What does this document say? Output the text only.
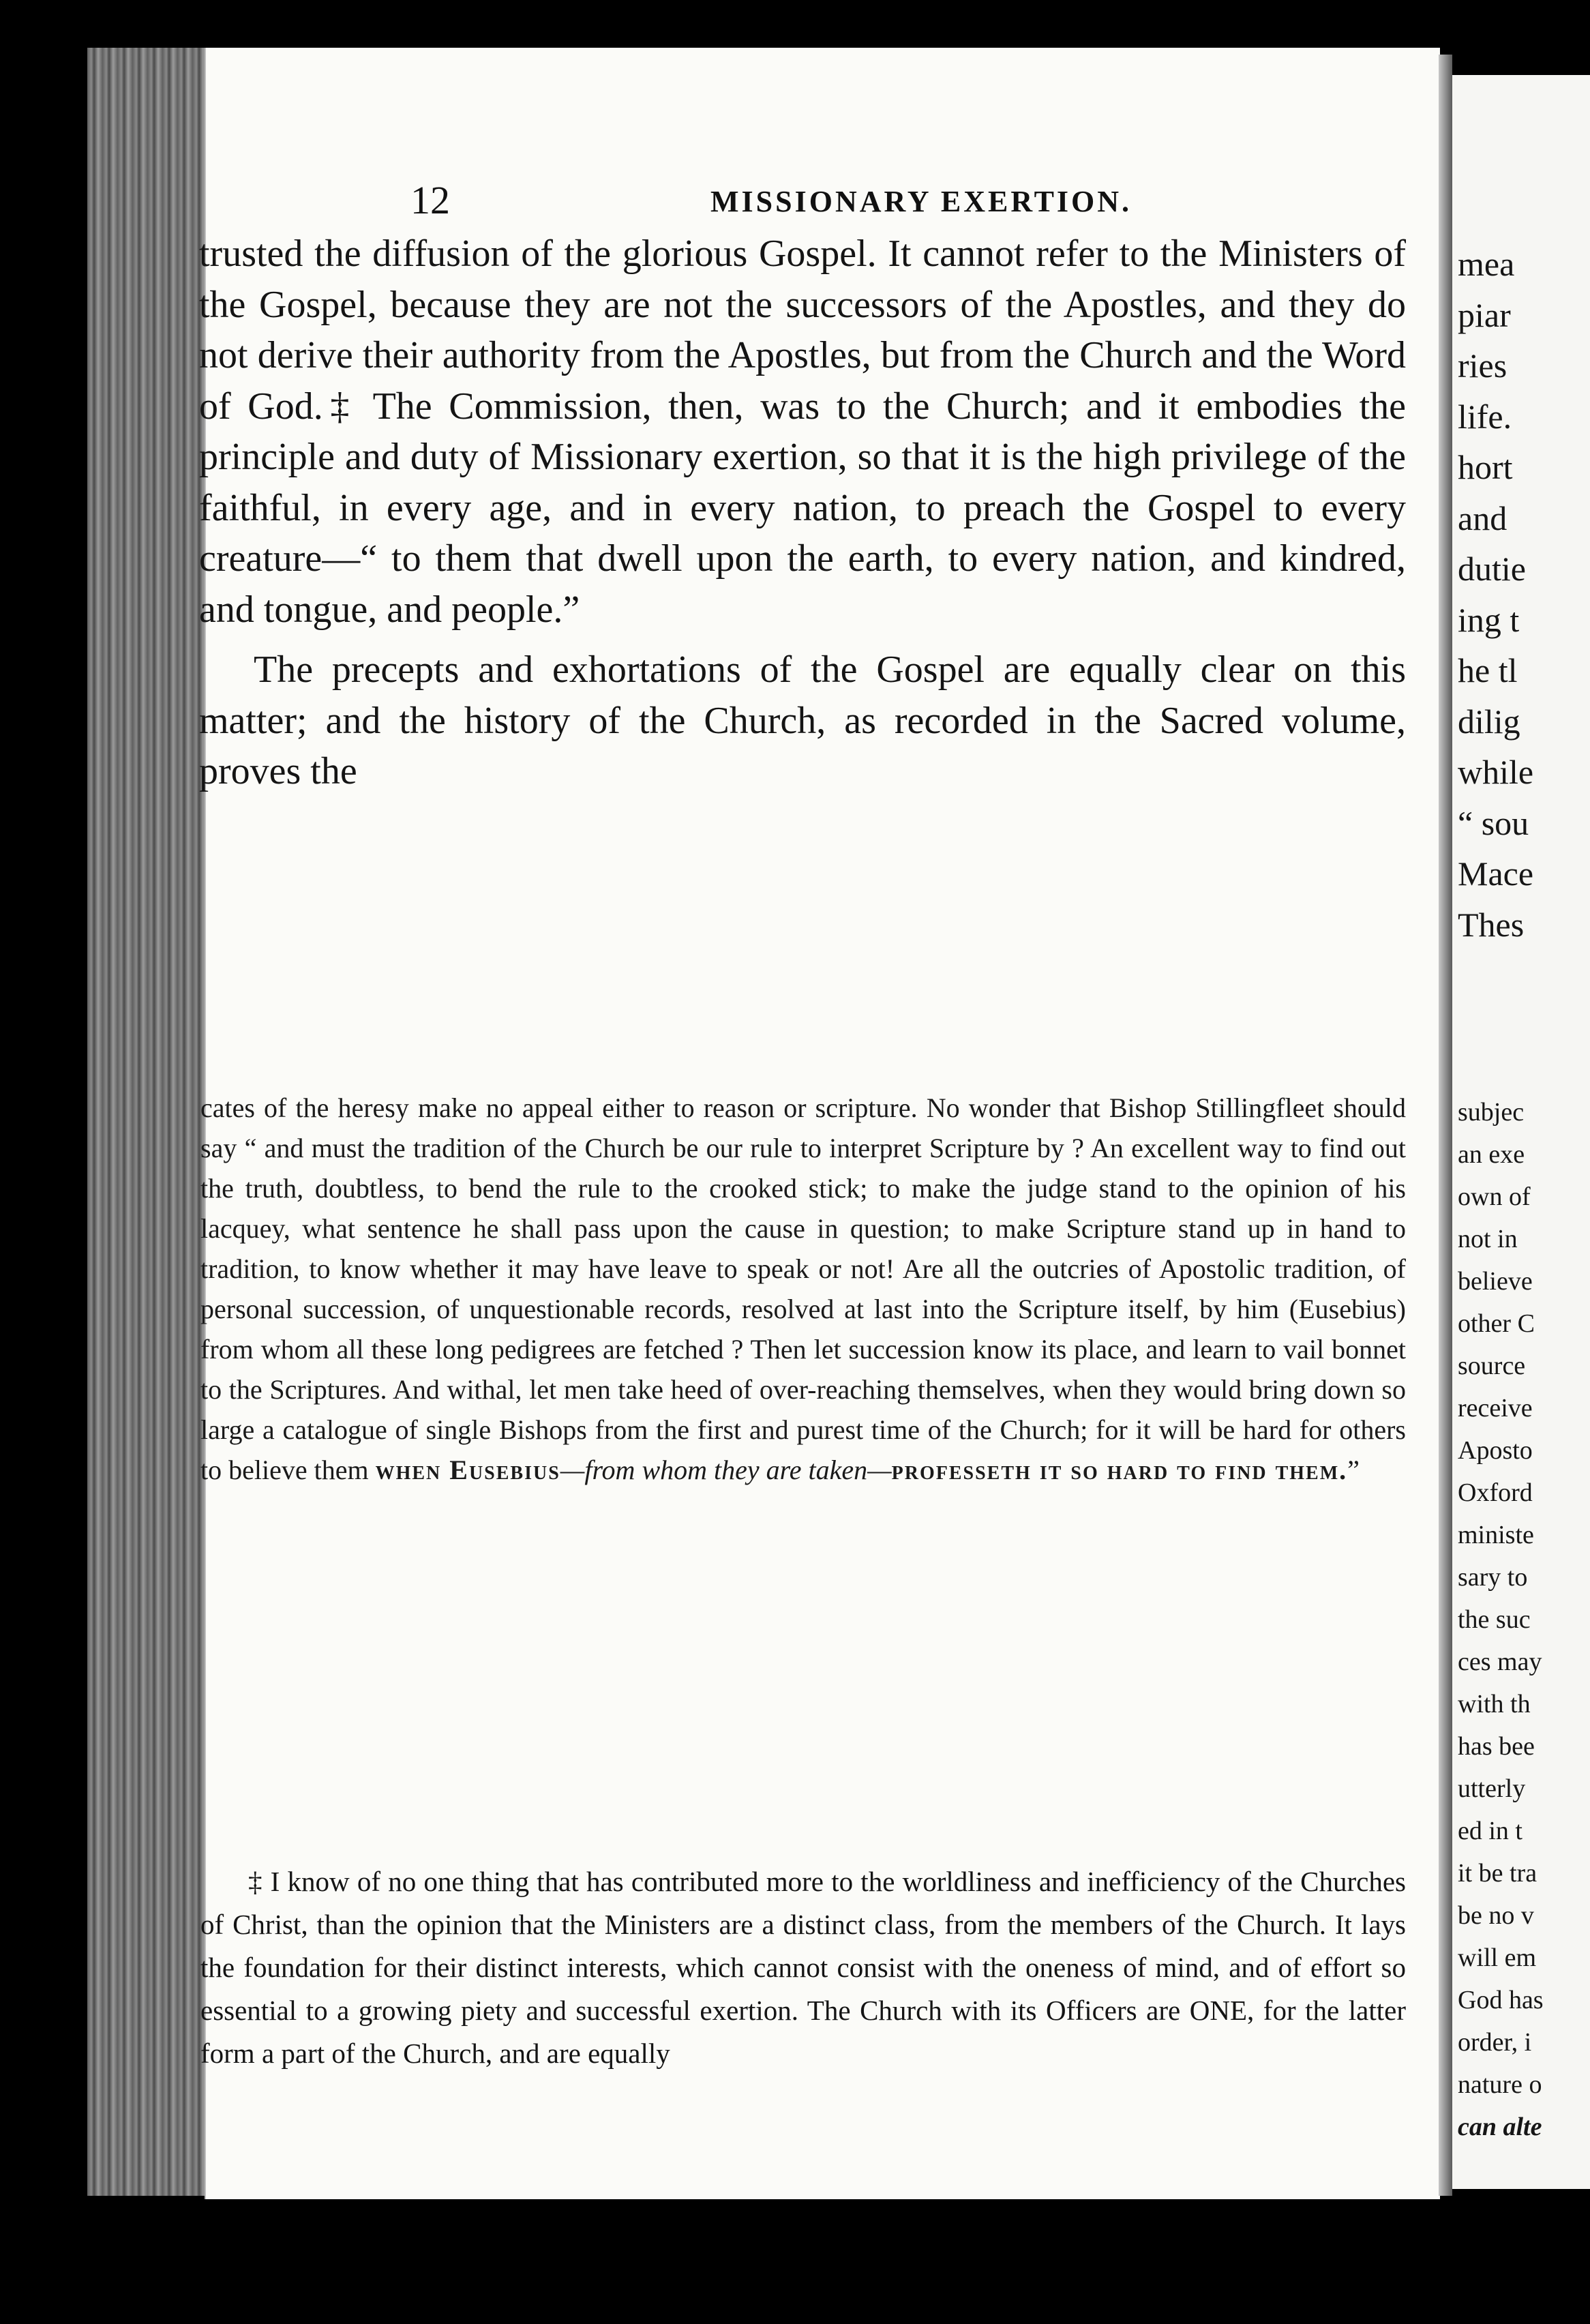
12	MISSIONARY EXERTION.

trusted the diffusion of the glorious Gospel. It cannot refer to the Ministers of the Gospel, because they are not the successors of the Apostles, and they do not derive their authority from the Apostles, but from the Church and the Word of God.‡ The Commission, then, was to the Church; and it embodies the principle and duty of Missionary exertion, so that it is the high privilege of the faithful, in every age, and in every nation, to preach the Gospel to every creature—“ to them that dwell upon the earth, to every nation, and kindred, and tongue, and people.”

The precepts and exhortations of the Gospel are equally clear on this matter; and the history of the Church, as recorded in the Sacred volume, proves the

cates of the heresy make no appeal either to reason or scripture. No wonder that Bishop Stillingfleet should say “ and must the tradition of the Church be our rule to interpret Scripture by ? An excellent way to find out the truth, doubtless, to bend the rule to the crooked stick; to make the judge stand to the opinion of his lacquey, what sentence he shall pass upon the cause in question; to make Scripture stand up in hand to tradition, to know whether it may have leave to speak or not! Are all the outcries of Apostolic tradition, of personal succession, of unquestionable records, resolved at last into the Scripture itself, by him (Eusebius) from whom all these long pedigrees are fetched ? Then let succession know its place, and learn to vail bonnet to the Scriptures. And withal, let men take heed of over-reaching themselves, when they would bring down so large a catalogue of single Bishops from the first and purest time of the Church; for it will be hard for others to believe them when Eusebius—from whom they are taken—professeth it so hard to find them.”

‡ I know of no one thing that has contributed more to the worldliness and inefficiency of the Churches of Christ, than the opinion that the Ministers are a distinct class, from the members of the Church. It lays the foundation for their distinct interests, which cannot consist with the oneness of mind, and of effort so essential to a growing piety and successful exertion. The Church with its Officers are ONE, for the latter form a part of the Church, and are equally

mea
piar
ries
life.
hort
and
dutie
ing t
he tl
dilig
while
“ sou
Mace
Thes
subjec
an exe
own of
not in
believe
other C
source
receive
Aposto
Oxford
ministe
sary to
the suc
ces may
with th
has bee
utterly
ed in t
it be tra
be no v
will em
God has
order, i
nature o
can alte
